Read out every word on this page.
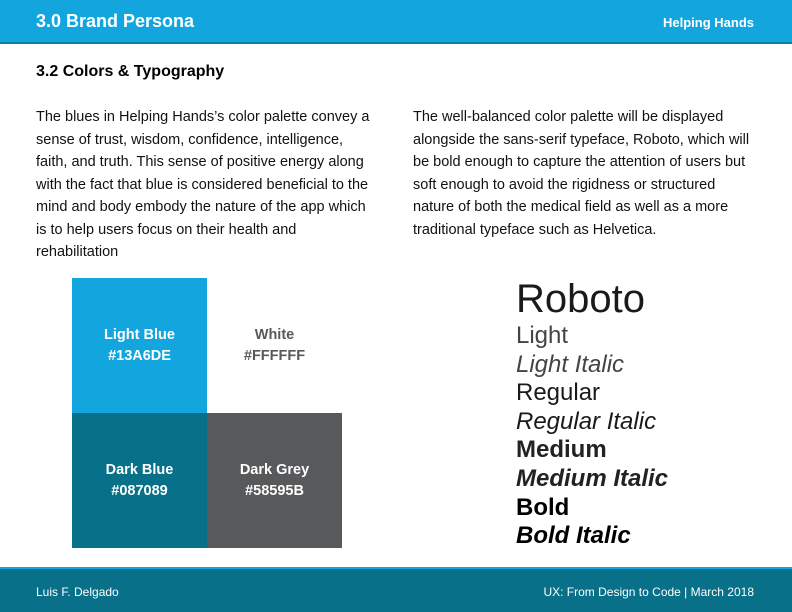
3.0 Brand Persona	Helping Hands
3.2 Colors & Typography

The blues in Helping Hands’s color palette convey a sense of trust, wisdom, confidence, intelligence, faith, and truth. This sense of positive energy along with the fact that blue is considered beneficial to the mind and body embody the nature of the app which is to help users focus on their health and rehabilitation

The well-balanced color palette will be displayed alongside the sans-serif typeface, Roboto, which will be bold enough to capture the attention of users but soft enough to avoid the rigidness or structured nature of both the medical field as well as a more traditional typeface such as Helvetica.

Light Blue
#13A6DE
White
#FFFFFF
Dark Blue
#087089
Dark Grey
#58595B
Roboto
Light
Light Italic
Regular
Regular Italic
Medium
Medium Italic
Bold
Bold Italic
Luis F. Delgado	UX: From Design to Code | March 2018
